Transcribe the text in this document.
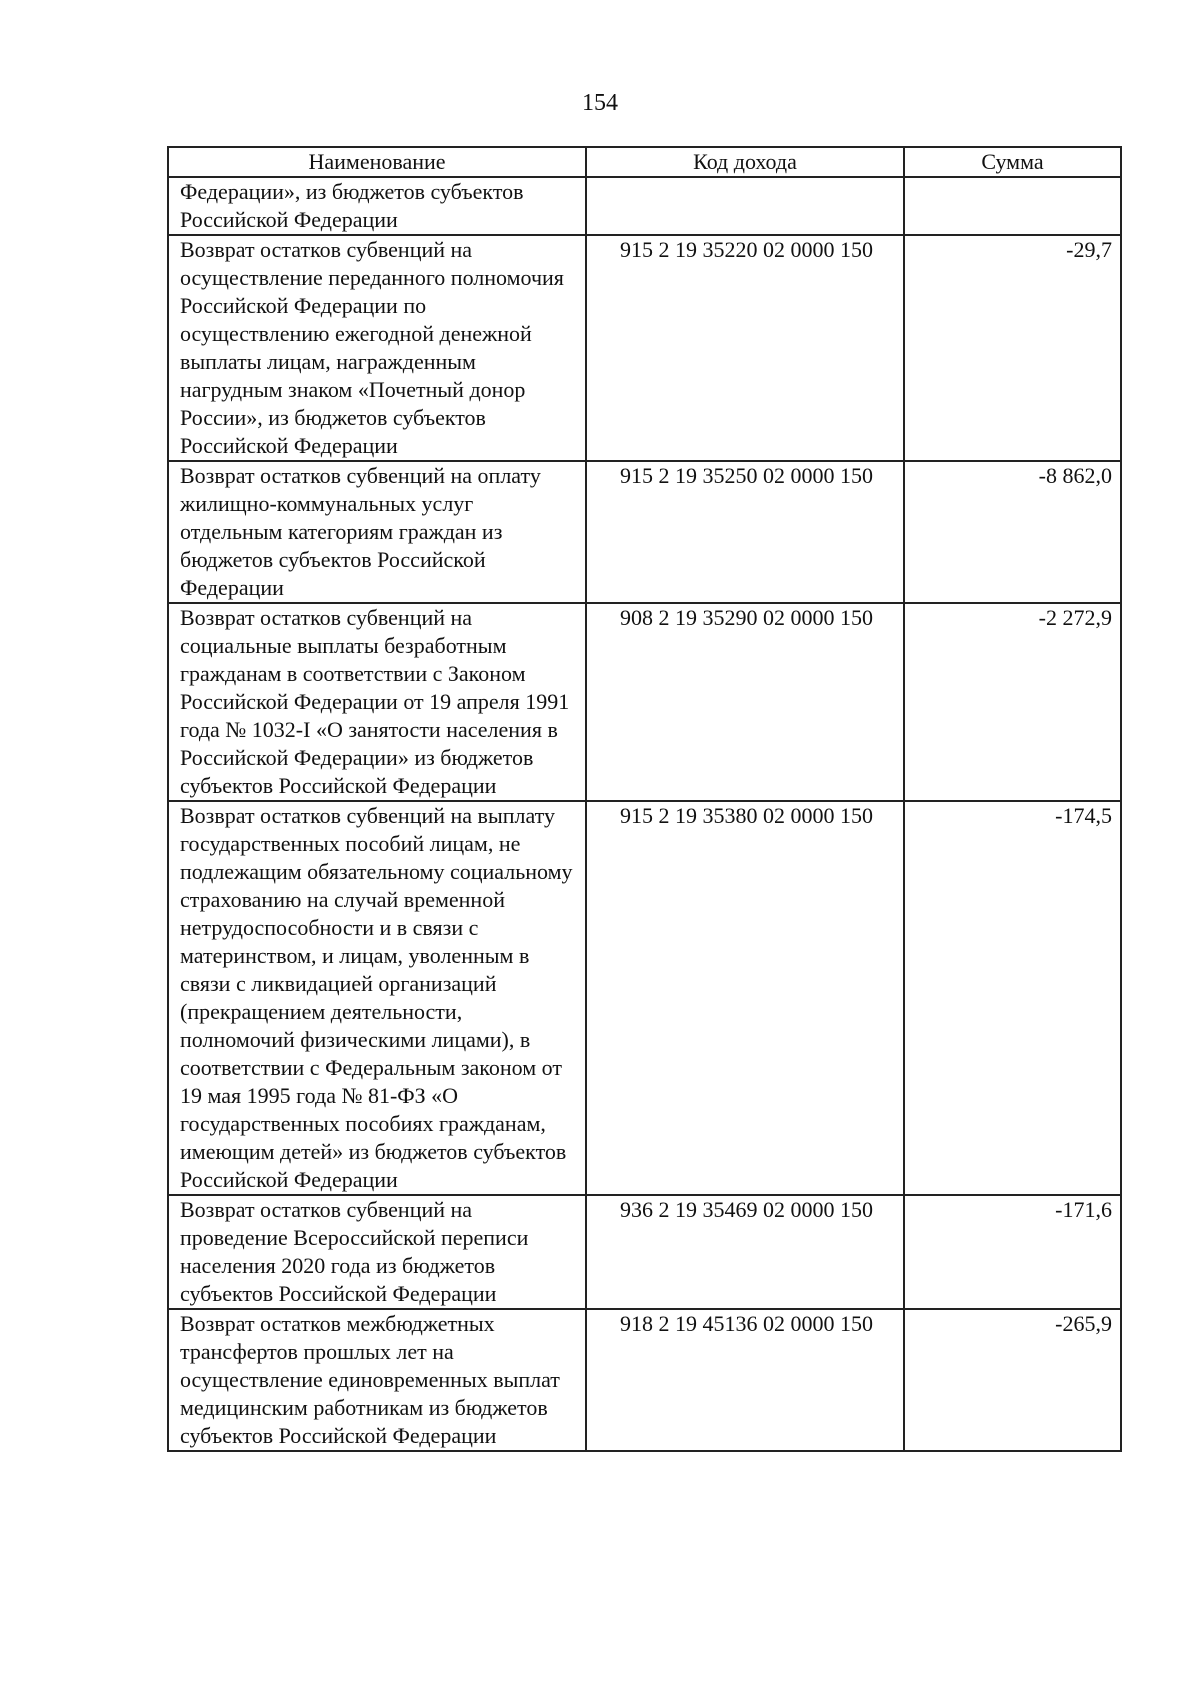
154
Наименование	Код дохода	Сумма
Федерации», из бюджетов субъектов Российской Федерации		
Возврат остатков субвенций на осуществление переданного полномочия Российской Федерации по осуществлению ежегодной денежной выплаты лицам, награжденным нагрудным знаком «Почетный донор России», из бюджетов субъектов Российской Федерации	915 2 19 35220 02 0000 150	-29,7
Возврат остатков субвенций на оплату жилищно-коммунальных услуг отдельным категориям граждан из бюджетов субъектов Российской Федерации	915 2 19 35250 02 0000 150	-8 862,0
Возврат остатков субвенций на социальные выплаты безработным гражданам в соответствии с Законом Российской Федерации от 19 апреля 1991 года № 1032-I «О занятости населения в Российской Федерации» из бюджетов субъектов Российской Федерации	908 2 19 35290 02 0000 150	-2 272,9
Возврат остатков субвенций на выплату государственных пособий лицам, не подлежащим обязательному социальному страхованию на случай временной нетрудоспособности и в связи с материнством, и лицам, уволенным в связи с ликвидацией организаций (прекращением деятельности, полномочий физическими лицами), в соответствии с Федеральным законом от 19 мая 1995 года № 81-ФЗ «О государственных пособиях гражданам, имеющим детей» из бюджетов субъектов Российской Федерации	915 2 19 35380 02 0000 150	-174,5
Возврат остатков субвенций на проведение Всероссийской переписи населения 2020 года из бюджетов субъектов Российской Федерации	936 2 19 35469 02 0000 150	-171,6
Возврат остатков межбюджетных трансфертов прошлых лет на осуществление единовременных выплат медицинским работникам из бюджетов субъектов Российской Федерации	918 2 19 45136 02 0000 150	-265,9
